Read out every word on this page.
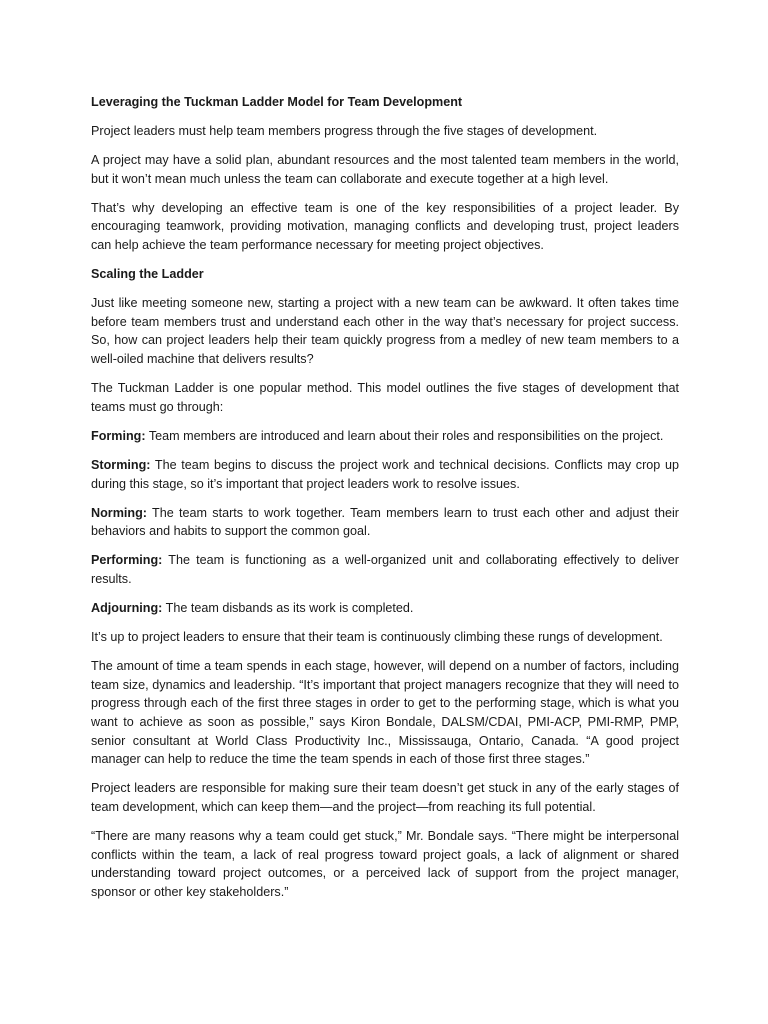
Leveraging the Tuckman Ladder Model for Team Development

Project leaders must help team members progress through the five stages of development.

A project may have a solid plan, abundant resources and the most talented team members in the world, but it won’t mean much unless the team can collaborate and execute together at a high level.

That’s why developing an effective team is one of the key responsibilities of a project leader. By encouraging teamwork, providing motivation, managing conflicts and developing trust, project leaders can help achieve the team performance necessary for meeting project objectives.

Scaling the Ladder

Just like meeting someone new, starting a project with a new team can be awkward. It often takes time before team members trust and understand each other in the way that’s necessary for project success. So, how can project leaders help their team quickly progress from a medley of new team members to a well-oiled machine that delivers results?

The Tuckman Ladder is one popular method. This model outlines the five stages of development that teams must go through:

Forming: Team members are introduced and learn about their roles and responsibilities on the project.

Storming: The team begins to discuss the project work and technical decisions. Conflicts may crop up during this stage, so it’s important that project leaders work to resolve issues.

Norming: The team starts to work together. Team members learn to trust each other and adjust their behaviors and habits to support the common goal.

Performing: The team is functioning as a well-organized unit and collaborating effectively to deliver results.

Adjourning: The team disbands as its work is completed.

It’s up to project leaders to ensure that their team is continuously climbing these rungs of development.

The amount of time a team spends in each stage, however, will depend on a number of factors, including team size, dynamics and leadership. “It’s important that project managers recognize that they will need to progress through each of the first three stages in order to get to the performing stage, which is what you want to achieve as soon as possible,” says Kiron Bondale, DALSM/CDAI, PMI-ACP, PMI-RMP, PMP, senior consultant at World Class Productivity Inc., Mississauga, Ontario, Canada. “A good project manager can help to reduce the time the team spends in each of those first three stages.”

Project leaders are responsible for making sure their team doesn’t get stuck in any of the early stages of team development, which can keep them—and the project—from reaching its full potential.

“There are many reasons why a team could get stuck,” Mr. Bondale says. “There might be interpersonal conflicts within the team, a lack of real progress toward project goals, a lack of alignment or shared understanding toward project outcomes, or a perceived lack of support from the project manager, sponsor or other key stakeholders.”
